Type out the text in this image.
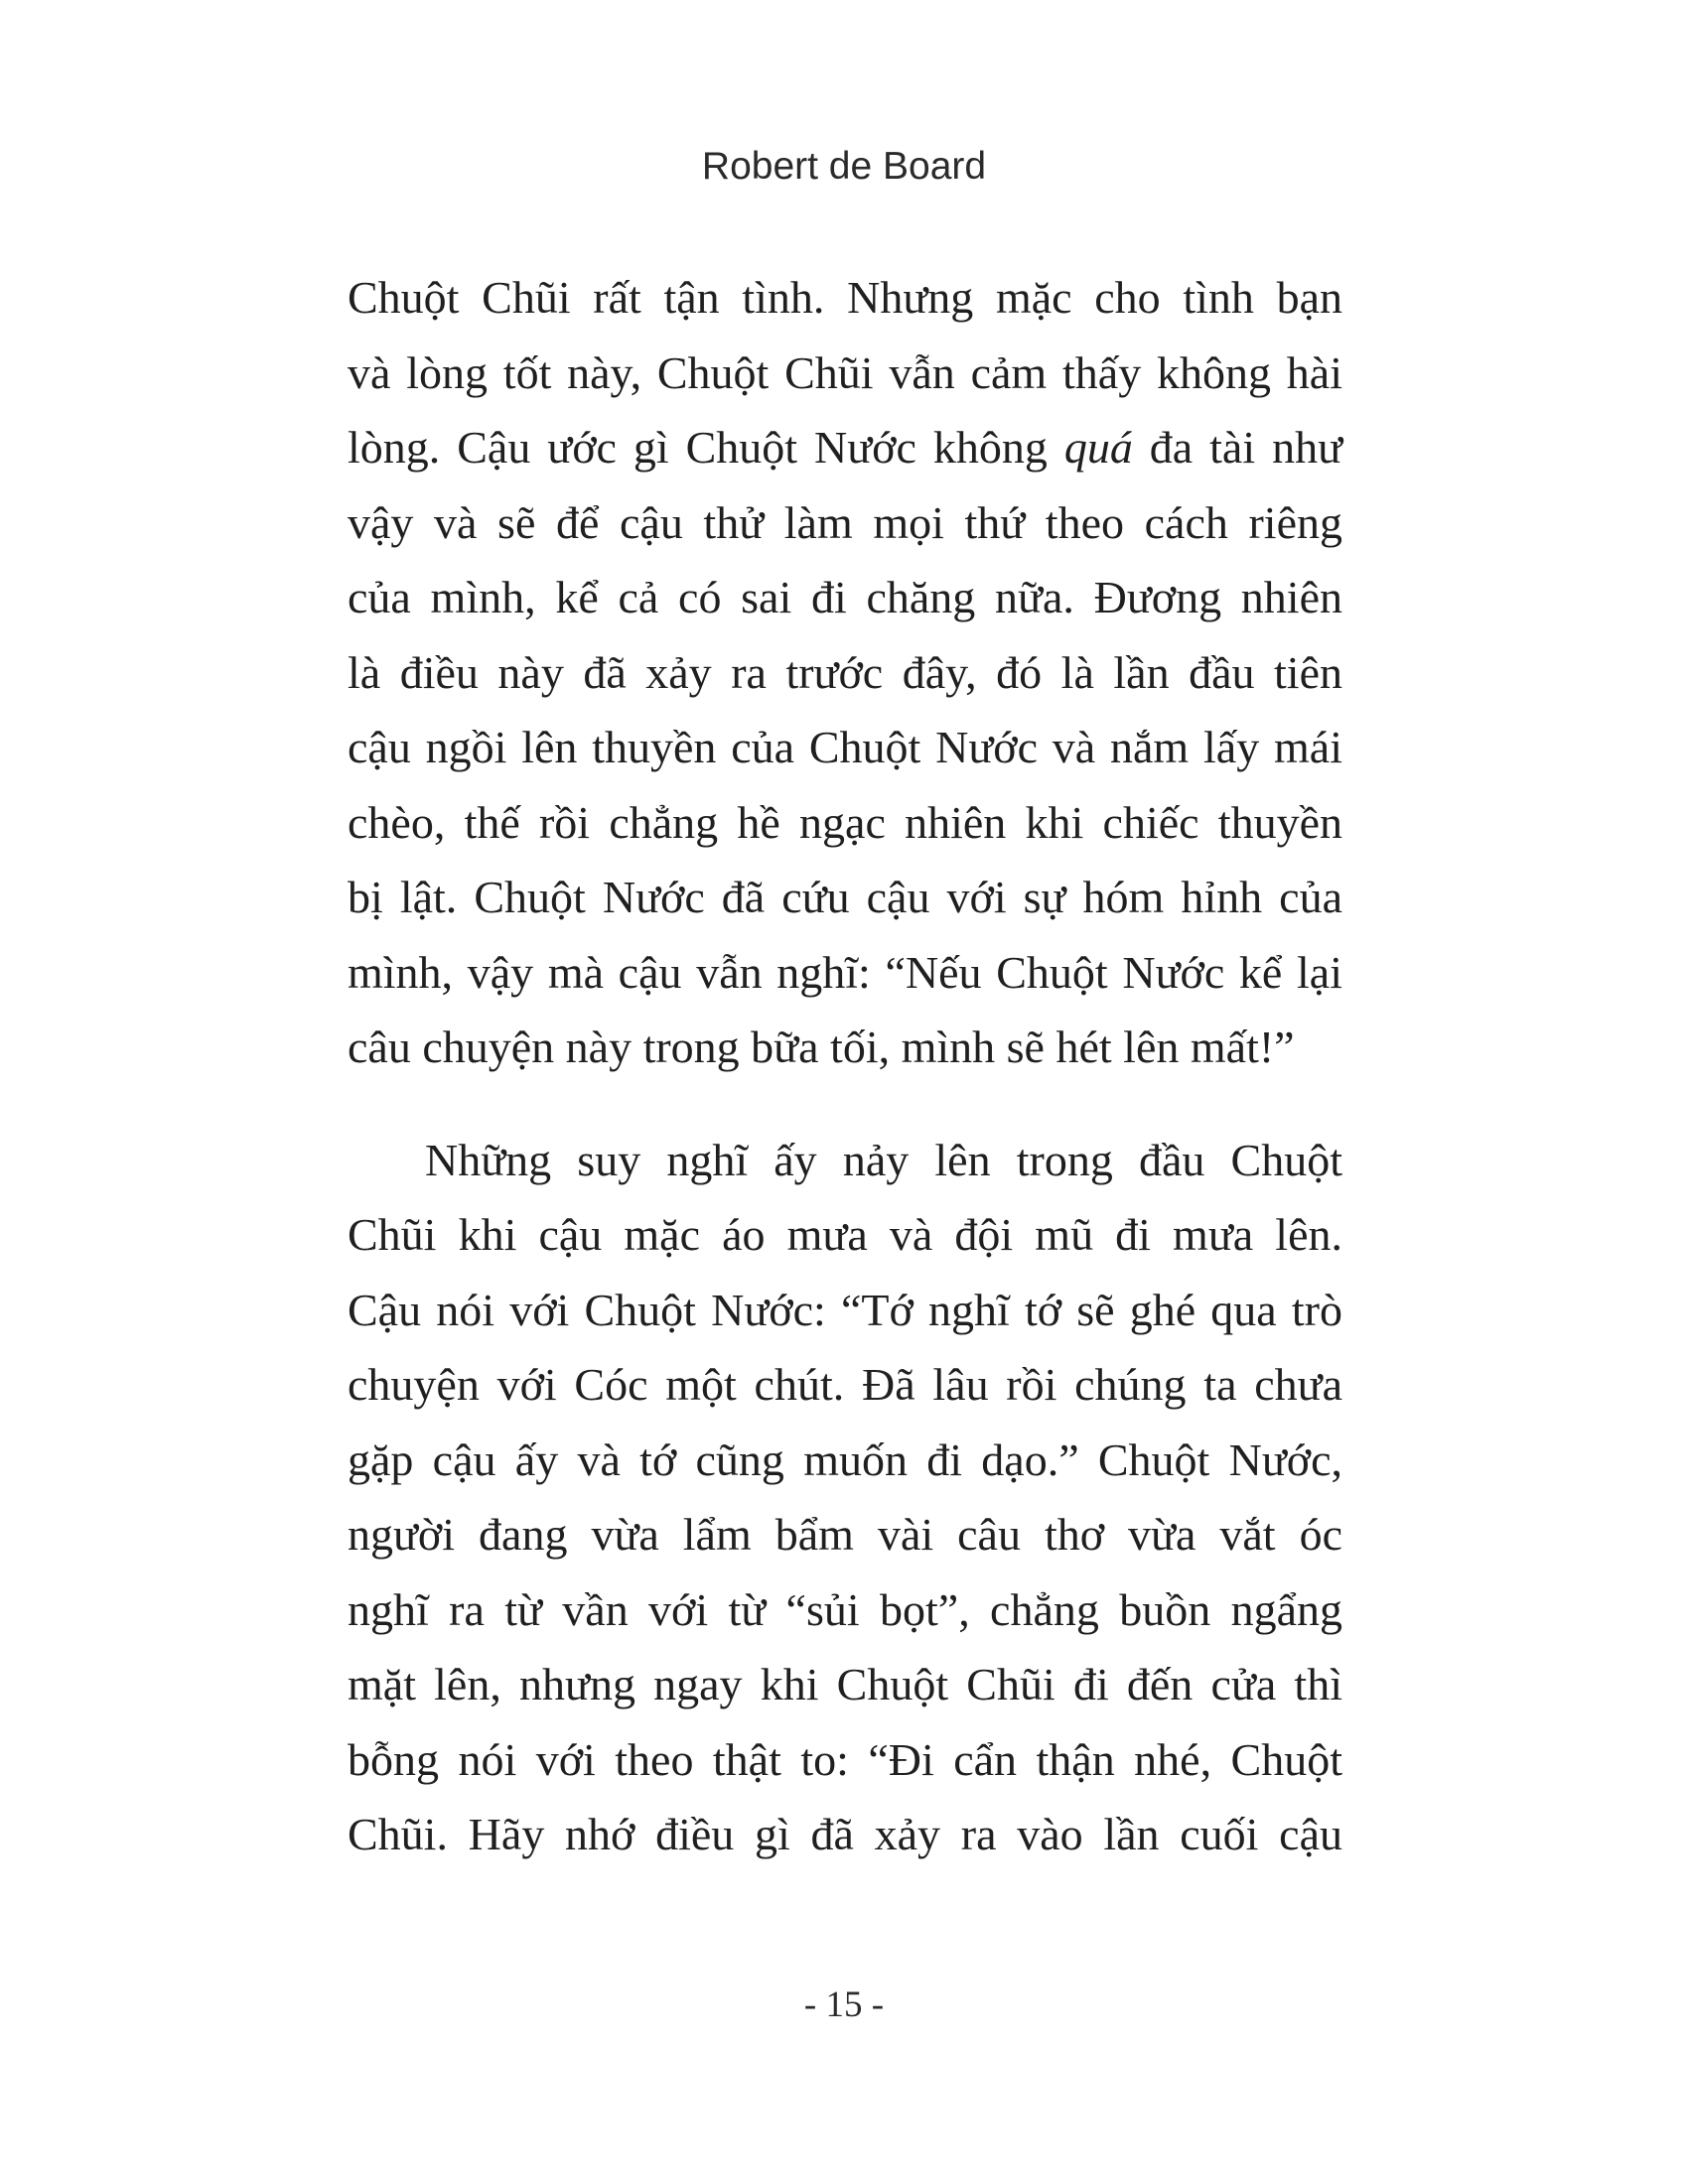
Robert de Board
Chuột Chũi rất tận tình. Nhưng mặc cho tình bạn
và lòng tốt này, Chuột Chũi vẫn cảm thấy không hài
lòng. Cậu ước gì Chuột Nước không quá đa tài như
vậy và sẽ để cậu thử làm mọi thứ theo cách riêng
của mình, kể cả có sai đi chăng nữa. Đương nhiên
là điều này đã xảy ra trước đây, đó là lần đầu tiên
cậu ngồi lên thuyền của Chuột Nước và nắm lấy mái
chèo, thế rồi chẳng hề ngạc nhiên khi chiếc thuyền
bị lật. Chuột Nước đã cứu cậu với sự hóm hỉnh của
mình, vậy mà cậu vẫn nghĩ: “Nếu Chuột Nước kể lại
câu chuyện này trong bữa tối, mình sẽ hét lên mất!”
Những suy nghĩ ấy nảy lên trong đầu Chuột
Chũi khi cậu mặc áo mưa và đội mũ đi mưa lên.
Cậu nói với Chuột Nước: “Tớ nghĩ tớ sẽ ghé qua trò
chuyện với Cóc một chút. Đã lâu rồi chúng ta chưa
gặp cậu ấy và tớ cũng muốn đi dạo.” Chuột Nước,
người đang vừa lẩm bẩm vài câu thơ vừa vắt óc
nghĩ ra từ vần với từ “sủi bọt”, chẳng buồn ngẩng
mặt lên, nhưng ngay khi Chuột Chũi đi đến cửa thì
bỗng nói với theo thật to: “Đi cẩn thận nhé, Chuột
Chũi. Hãy nhớ điều gì đã xảy ra vào lần cuối cậu
- 15 -
